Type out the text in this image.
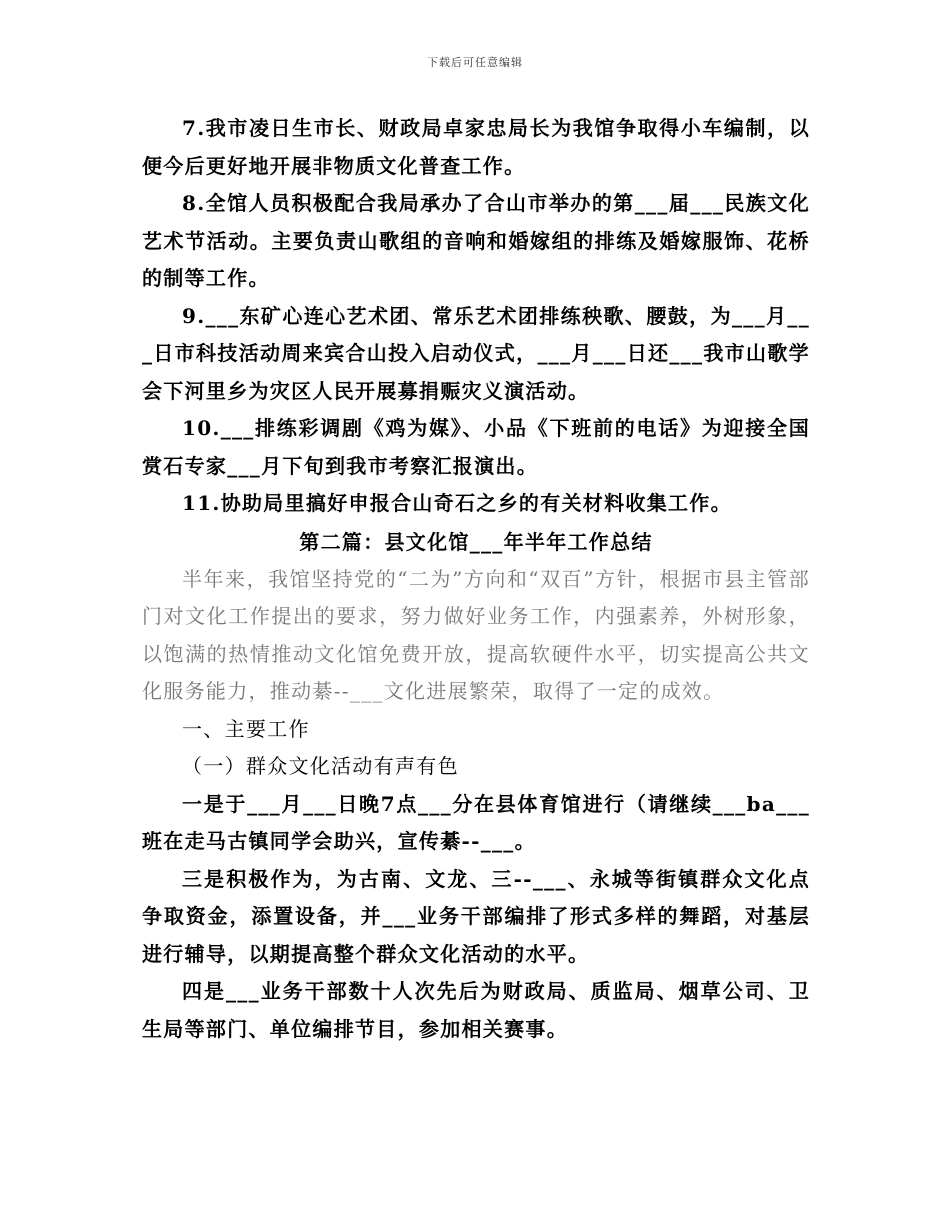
下载后可任意编辑

7.我市凌日生市长、财政局卓家忠局长为我馆争取得小车编制，以便今后更好地开展非物质文化普查工作。

8.全馆人员积极配合我局承办了合山市举办的第___届___民族文化艺术节活动。主要负责山歌组的音响和婚嫁组的排练及婚嫁服饰、花桥的制等工作。

9.___东矿心连心艺术团、常乐艺术团排练秧歌、腰鼓，为___月___日市科技活动周来宾合山投入启动仪式，___月___日还___我市山歌学会下河里乡为灾区人民开展募捐赈灾义演活动。

10.___排练彩调剧《鸡为媒》、小品《下班前的电话》为迎接全国赏石专家___月下旬到我市考察汇报演出。

11.协助局里搞好申报合山奇石之乡的有关材料收集工作。

第二篇：县文化馆___年半年工作总结

半年来，我馆坚持党的“二为”方向和“双百”方针，根据市县主管部门对文化工作提出的要求，努力做好业务工作，内强素养，外树形象，以饱满的热情推动文化馆免费开放，提高软硬件水平，切实提高公共文化服务能力，推动綦--___文化进展繁荣，取得了一定的成效。

一、主要工作

（一）群众文化活动有声有色

一是于___月___日晚7点___分在县体育馆进行（请继续___ba___班在走马古镇同学会助兴，宣传綦--___。

三是积极作为，为古南、文龙、三--___、永城等街镇群众文化点争取资金，添置设备，并___业务干部编排了形式多样的舞蹈，对基层进行辅导，以期提高整个群众文化活动的水平。

四是___业务干部数十人次先后为财政局、质监局、烟草公司、卫生局等部门、单位编排节目，参加相关赛事。
